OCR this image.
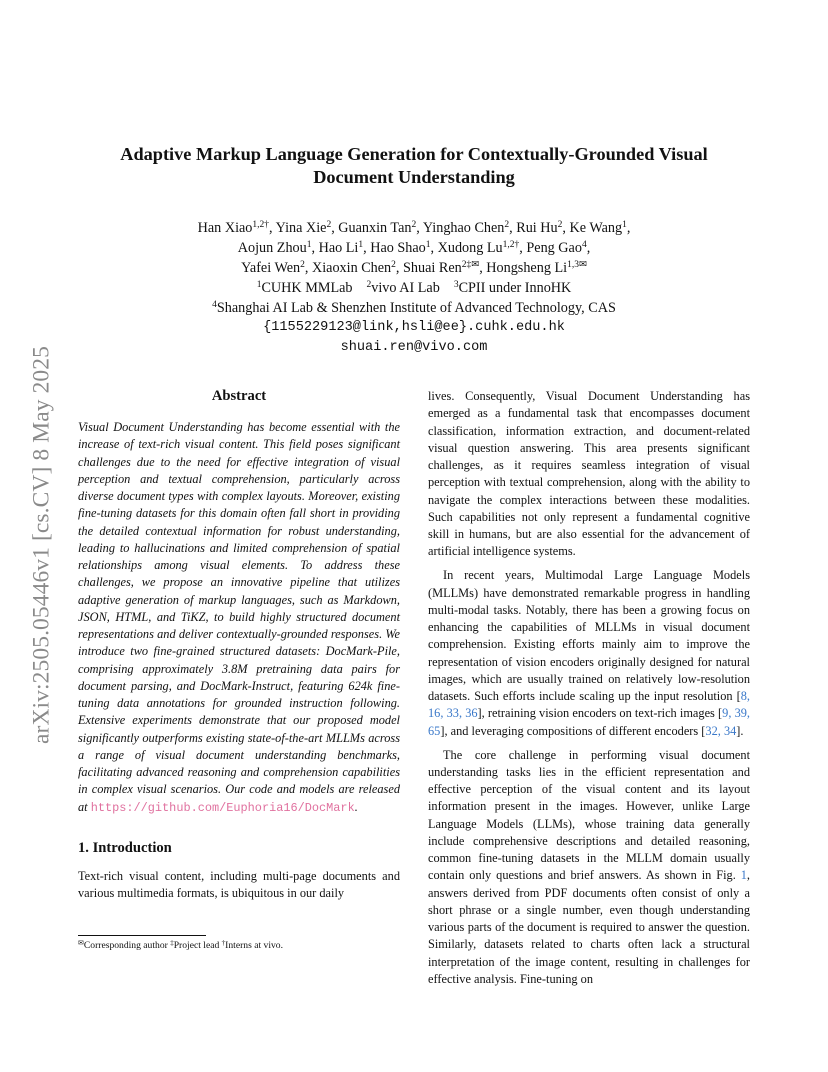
arXiv:2505.05446v1 [cs.CV] 8 May 2025
Adaptive Markup Language Generation for Contextually-Grounded Visual
Document Understanding
Han Xiao$^{1,2\dagger}$, Yina Xie$^2$, Guanxin Tan$^2$, Yinghao Chen$^2$, Rui Hu$^2$, Ke Wang$^1$,
Aojun Zhou$^1$, Hao Li$^1$, Hao Shao$^1$, Xudong $Lu^{1,2\dagger}$, Peng Gao$^4$,
Yafei Wen$^2$, Xiaoxin Chen$^2$, Shuai Ren$^{2\ddagger✉}$, Hongsheng $Li^{1,3✉}$
$^1$CUHK MMLab $^2$vivo AI Lab $^3$CPII under InnoHK
$^4$Shanghai AI Lab & Shenzhen Institute of Advanced Technology, CAS
{1155229123@link,hsli@ee}.cuhk.edu.hk
shuai.ren@vivo.com
Abstract

Visual Document Understanding has become essential with the increase of text-rich visual content. This field poses significant challenges due to the need for effective integration of visual perception and textual comprehension, particularly across diverse document types with complex layouts. Moreover, existing fine-tuning datasets for this domain often fall short in providing the detailed contextual information for robust understanding, leading to hallucinations and limited comprehension of spatial relationships among visual elements. To address these challenges, we propose an innovative pipeline that utilizes adaptive generation of markup languages, such as Markdown, JSON, HTML, and TiKZ, to build highly structured document representations and deliver contextually-grounded responses. We introduce two fine-grained structured datasets: DocMark-Pile, comprising approximately 3.8M pretraining data pairs for document parsing, and DocMark-Instruct, featuring 624k fine-tuning data annotations for grounded instruction following. Extensive experiments demonstrate that our proposed model significantly outperforms existing state-of-the-art MLLMs across a range of visual document understanding benchmarks, facilitating advanced reasoning and comprehension capabilities in complex visual scenarios. Our code and models are released at https://github.com/Euphoria16/DocMark.

1. Introduction

Text-rich visual content, including multi-page documents and various multimedia formats, is ubiquitous in our daily

✉Corresponding author ‡Project lead †Interns at vivo.

lives. Consequently, Visual Document Understanding has emerged as a fundamental task that encompasses document classification, information extraction, and document-related visual question answering. This area presents significant challenges, as it requires seamless integration of visual perception with textual comprehension, along with the ability to navigate the complex interactions between these modalities. Such capabilities not only represent a fundamental cognitive skill in humans, but are also essential for the advancement of artificial intelligence systems.

In recent years, Multimodal Large Language Models (MLLMs) have demonstrated remarkable progress in handling multi-modal tasks. Notably, there has been a growing focus on enhancing the capabilities of MLLMs in visual document comprehension. Existing efforts mainly aim to improve the representation of vision encoders originally designed for natural images, which are usually trained on relatively low-resolution datasets. Such efforts include scaling up the input resolution [8, 16, 33, 36], retraining vision encoders on text-rich images [9, 39, 65], and leveraging compositions of different encoders [32, 34].

The core challenge in performing visual document understanding tasks lies in the efficient representation and effective perception of the visual content and its layout information present in the images. However, unlike Large Language Models (LLMs), whose training data generally include comprehensive descriptions and detailed reasoning, common fine-tuning datasets in the MLLM domain usually contain only questions and brief answers. As shown in Fig. 1, answers derived from PDF documents often consist of only a short phrase or a single number, even though understanding various parts of the document is required to answer the question. Similarly, datasets related to charts often lack a structural interpretation of the image content, resulting in challenges for effective analysis. Fine-tuning on
